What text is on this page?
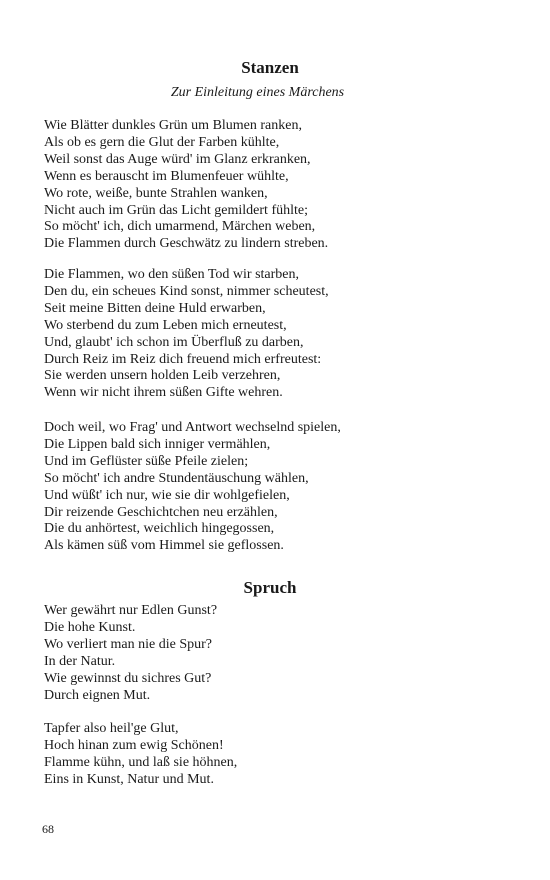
Stanzen
Zur Einleitung eines Märchens
Wie Blätter dunkles Grün um Blumen ranken,
Als ob es gern die Glut der Farben kühlte,
Weil sonst das Auge würd' im Glanz erkranken,
Wenn es berauscht im Blumenfeuer wühlte,
Wo rote, weiße, bunte Strahlen wanken,
Nicht auch im Grün das Licht gemildert fühlte;
So möcht' ich, dich umarmend, Märchen weben,
Die Flammen durch Geschwätz zu lindern streben.
Die Flammen, wo den süßen Tod wir starben,
Den du, ein scheues Kind sonst, nimmer scheutest,
Seit meine Bitten deine Huld erwarben,
Wo sterbend du zum Leben mich erneutest,
Und, glaubt' ich schon im Überfluß zu darben,
Durch Reiz im Reiz dich freuend mich erfreutest:
Sie werden unsern holden Leib verzehren,
Wenn wir nicht ihrem süßen Gifte wehren.
Doch weil, wo Frag' und Antwort wechselnd spielen,
Die Lippen bald sich inniger vermählen,
Und im Geflüster süße Pfeile zielen;
So möcht' ich andre Stundentäuschung wählen,
Und wüßt' ich nur, wie sie dir wohlgefielen,
Dir reizende Geschichtchen neu erzählen,
Die du anhörtest, weichlich hingegossen,
Als kämen süß vom Himmel sie geflossen.
Spruch
Wer gewährt nur Edlen Gunst?
Die hohe Kunst.
Wo verliert man nie die Spur?
In der Natur.
Wie gewinnst du sichres Gut?
Durch eignen Mut.
Tapfer also heil'ge Glut,
Hoch hinan zum ewig Schönen!
Flamme kühn, und laß sie höhnen,
Eins in Kunst, Natur und Mut.
68
